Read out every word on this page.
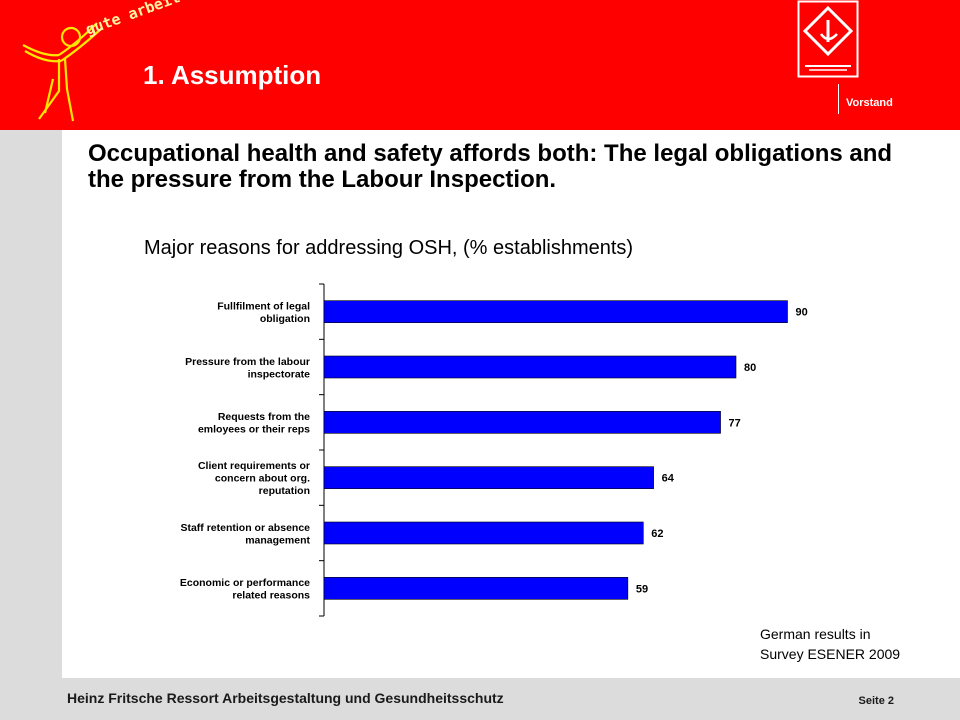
1. Assumption
Vorstand
Occupational health and safety affords both: The legal obligations and the pressure from the Labour Inspection.
Major reasons for addressing OSH, (% establishments)
90
Fullfilment of legal obligation
80
Pressure from the labour inspectorate
77
Requests from the emloyees or their reps
64
Client requirements or concern about org. reputation
62
Staff retention or absence management
59
Economic or performance related reasons
German results in
Survey ESENER 2009
Heinz Fritsche Ressort Arbeitsgestaltung und Gesundheitsschutz	Seite 2
